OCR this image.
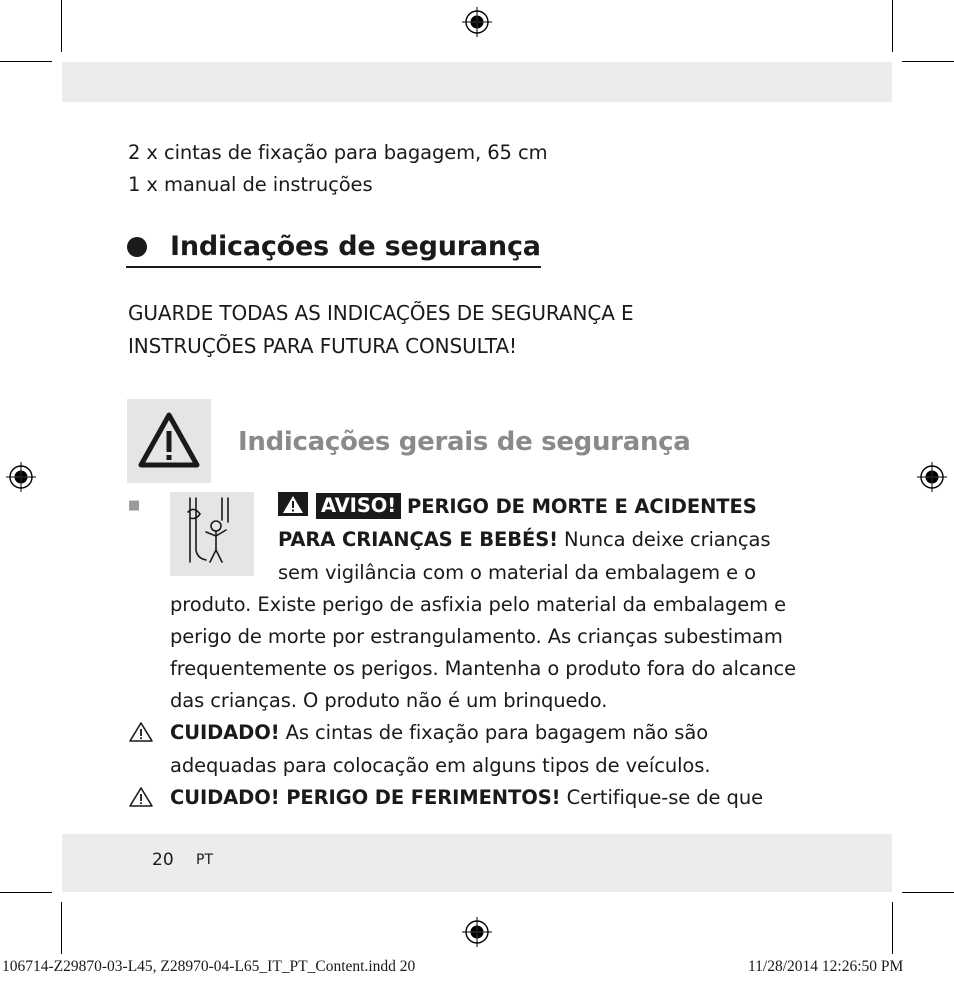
2 x cintas de fixação para bagagem, 65 cm
1 x manual de instruções
Indicações de segurança
GUARDE TODAS AS INDICAÇÕES DE SEGURANÇA E
INSTRUÇÕES PARA FUTURA CONSULTA!
Indicações gerais de segurança
■	AVISO! PERIGO DE MORTE E ACIDENTES
PARA CRIANÇAS E BEBÉS! Nunca deixe crianças
sem vigilância com o material da embalagem e o
produto. Existe perigo de asfixia pelo material da embalagem e
perigo de morte por estrangulamento. As crianças subestimam
frequentemente os perigos. Mantenha o produto fora do alcance
das crianças. O produto não é um brinquedo.
CUIDADO! As cintas de fixação para bagagem não são
adequadas para colocação em alguns tipos de veículos.
CUIDADO! PERIGO DE FERIMENTOS! Certifique-se de que
20 PT
106714-Z29870-03-L45, Z28970-04-L65_IT_PT_Content.indd 20	11/28/2014 12:26:50 PM
